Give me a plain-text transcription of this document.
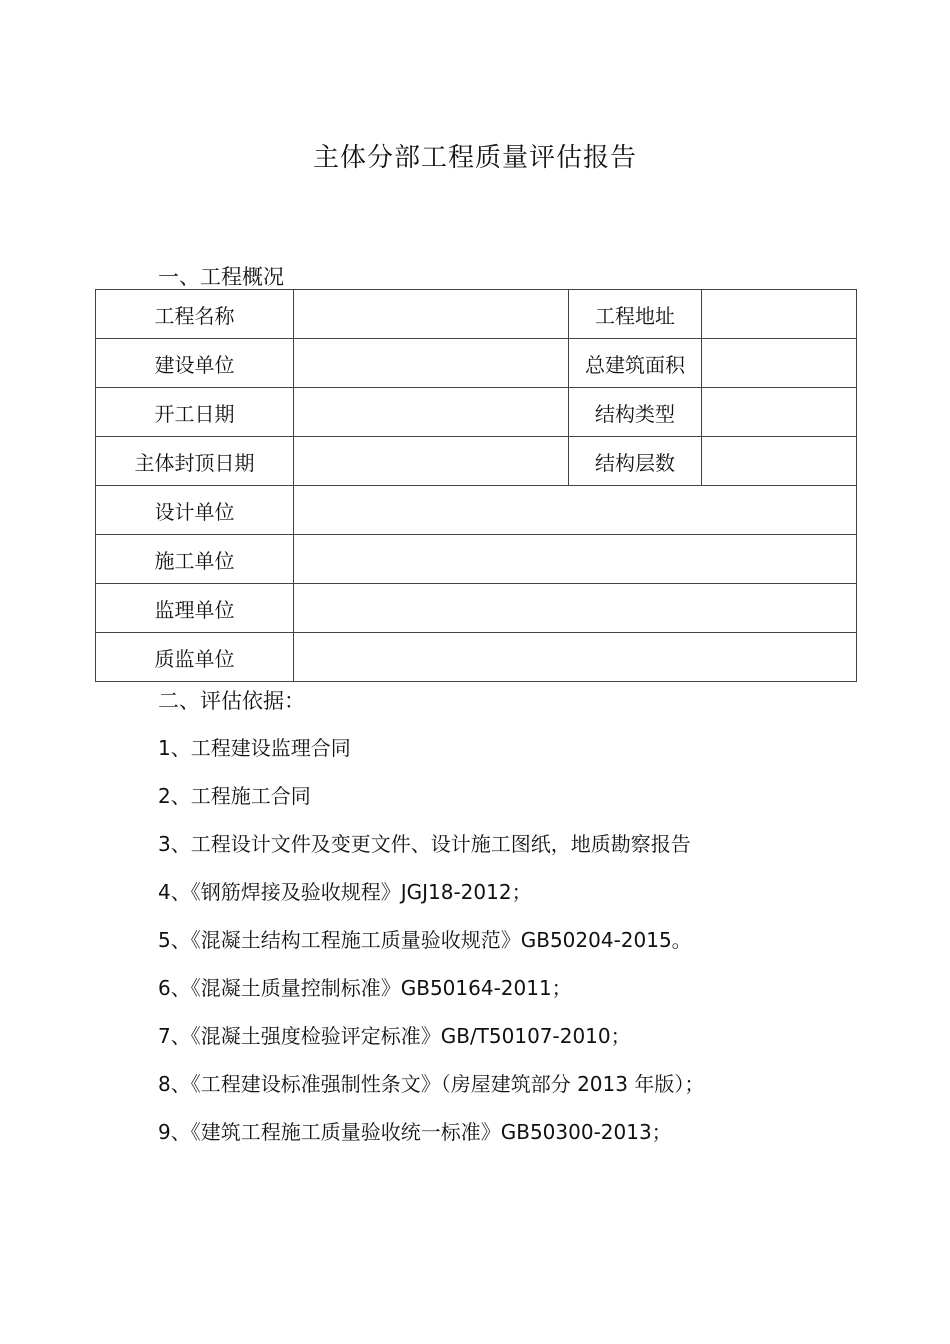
主体分部工程质量评估报告
一、工程概况
工程名称		工程地址	
建设单位		总建筑面积	
开工日期		结构类型	
主体封顶日期		结构层数	
设计单位			
施工单位			
监理单位			
质监单位			
二、评估依据：
1、工程建设监理合同
2、工程施工合同
3、工程设计文件及变更文件、设计施工图纸，地质勘察报告
4、《钢筋焊接及验收规程》JGJ18-2012；
5、《混凝土结构工程施工质量验收规范》GB50204-2015。
6、《混凝土质量控制标准》GB50164-2011；
7、《混凝土强度检验评定标准》GB/T50107-2010；
8、《工程建设标准强制性条文》（房屋建筑部分 2013 年版）；
9、《建筑工程施工质量验收统一标准》GB50300-2013；
